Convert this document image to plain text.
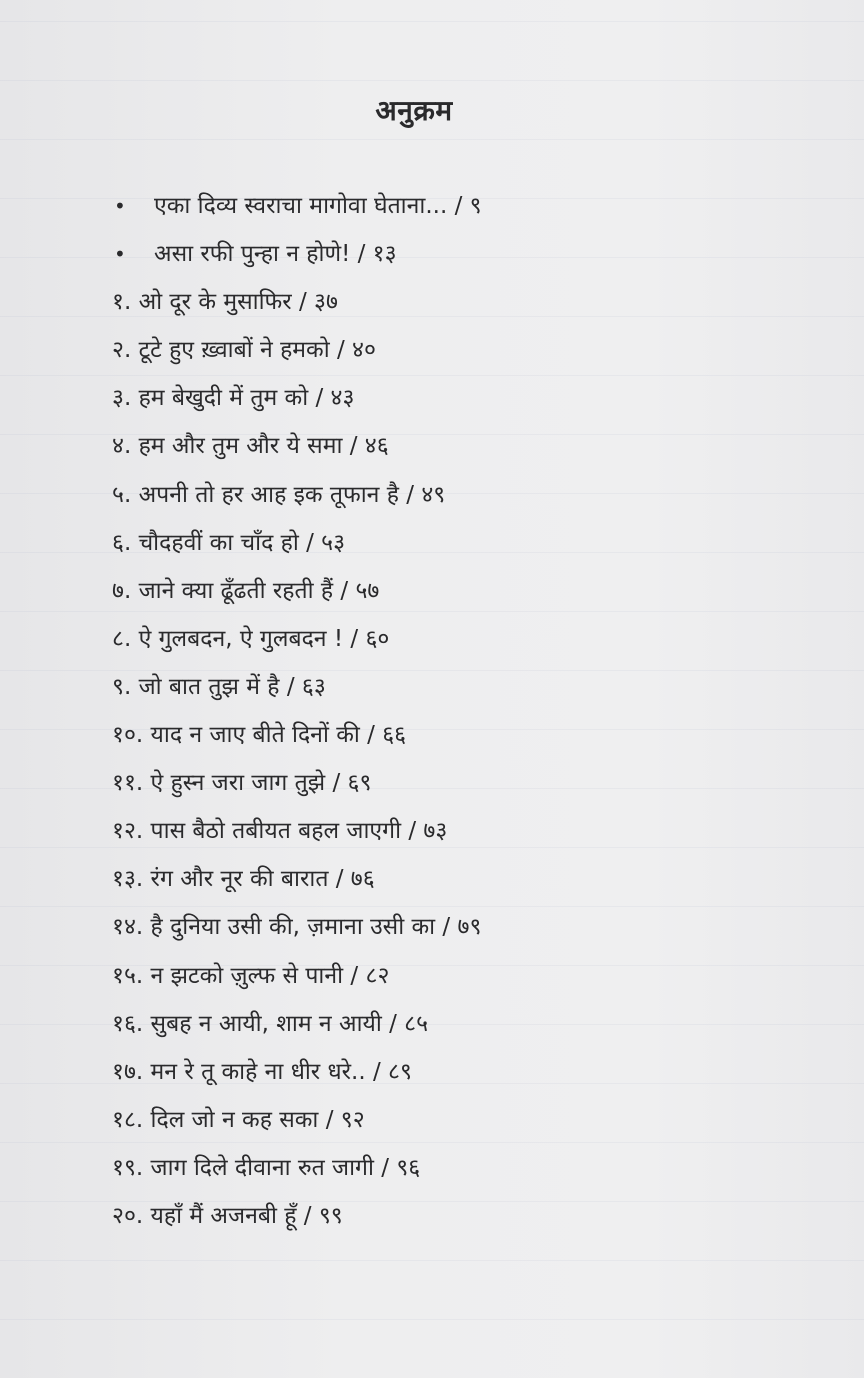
अनुक्रम
• एका दिव्य स्वराचा मागोवा घेताना... / ९
• असा रफी पुन्हा न होणे! / १३
१. ओ दूर के मुसाफिर / ३७
२. टूटे हुए ख़्वाबों ने हमको / ४०
३. हम बेखुदी में तुम को / ४३
४. हम और तुम और ये समा / ४६
५. अपनी तो हर आह इक तूफान है / ४९
६. चौदहवीं का चाँद हो / ५३
७. जाने क्या ढूँढती रहती हैं / ५७
८. ऐ गुलबदन, ऐ गुलबदन ! / ६०
९. जो बात तुझ में है / ६३
१०. याद न जाए बीते दिनों की / ६६
११. ऐ हुस्न जरा जाग तुझे / ६९
१२. पास बैठो तबीयत बहल जाएगी / ७३
१३. रंग और नूर की बारात / ७६
१४. है दुनिया उसी की, ज़माना उसी का / ७९
१५. न झटको ज़ुल्फ से पानी / ८२
१६. सुबह न आयी, शाम न आयी / ८५
१७. मन रे तू काहे ना धीर धरे.. / ८९
१८. दिल जो न कह सका / ९२
१९. जाग दिले दीवाना रुत जागी / ९६
२०. यहाँ मैं अजनबी हूँ / ९९
